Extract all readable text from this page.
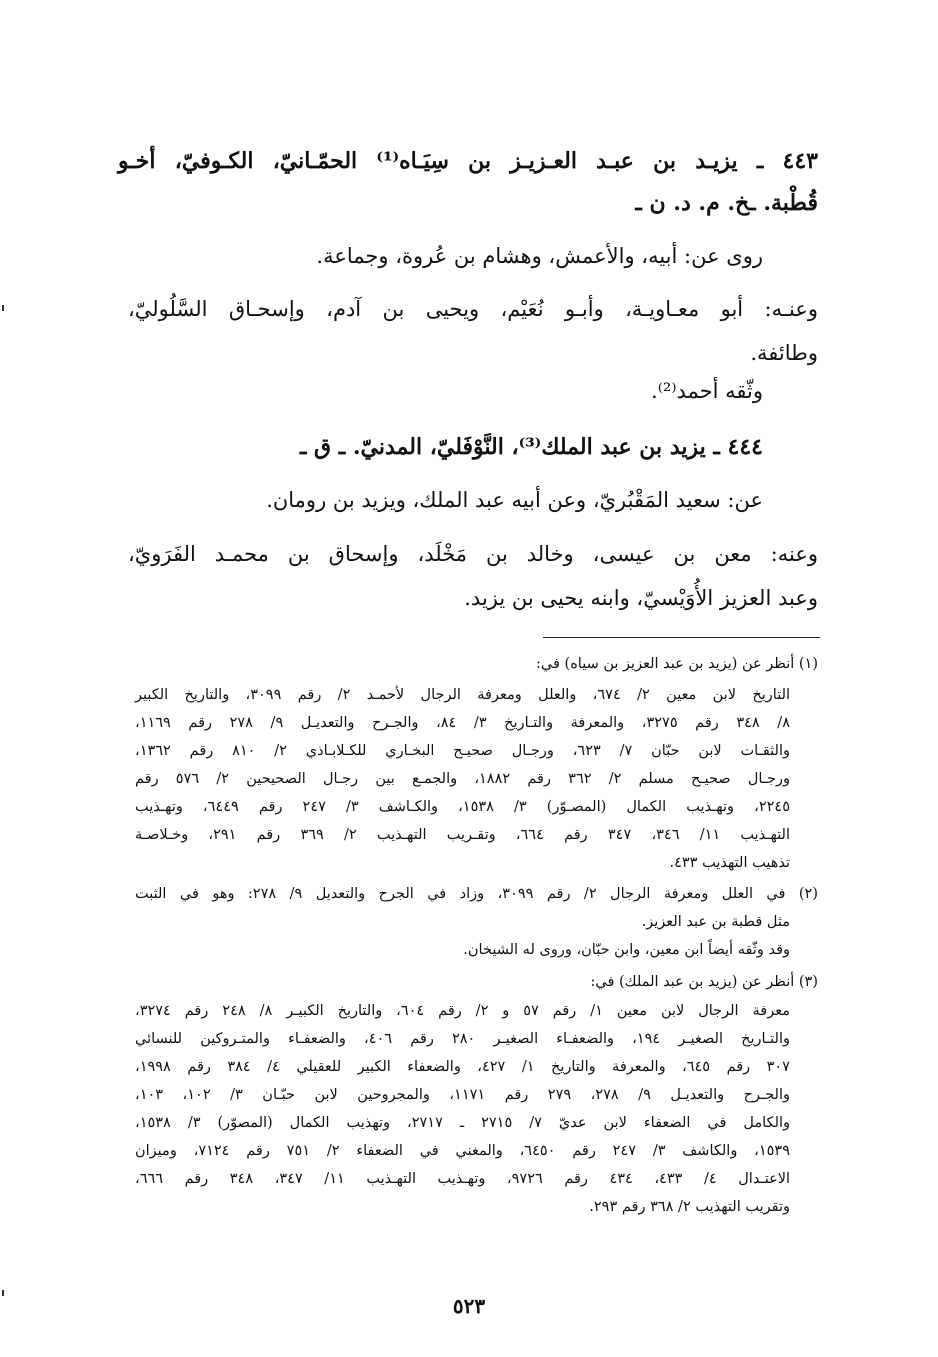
٤٤٣ ـ يزيـد بن عبـد العـزيـز بن سِيَـاه⁽¹⁾ الحمّـانيّ، الكـوفيّ، أخـو
قُطْبة. ـخ. م. د. ن ـ
روى عن: أبيه، والأعمش، وهشام بن عُروة، وجماعة.
وعنـه: أبو معـاويـة، وأبـو نُعَيْم، ويحيى بن آدم، وإسحـاق السَّلُوليّ،
وطائفة.
وثّقه أحمد⁽²⁾.
٤٤٤ ـ يزيد بن عبد الملك⁽³⁾، النَّوْفَليّ، المدنيّ. ـ ق ـ
عن: سعيد المَقْبُريّ، وعن أبيه عبد الملك، ويزيد بن رومان.
وعنه: معن بن عيسى، وخالد بن مَخْلَد، وإسحاق بن محمـد الفَرَويّ،
وعبد العزيز الأُوَيْسيّ، وابنه يحيى بن يزيد.
(١) أنظر عن (يزيد بن عبد العزيز بن سياه) في:
التاريخ لابن معين ٢/ ٦٧٤، والعلل ومعرفة الرجال لأحمـد ٢/ رقم ٣٠٩٩، والتاريخ الكبير
٨/ ٣٤٨ رقم ٣٢٧٥، والمعرفة والتـاريخ ٣/ ٨٤، والجـرح والتعديـل ٩/ ٢٧٨ رقم ١١٦٩،
والثقـات لابن حبّان ٧/ ٦٢٣، ورجـال صحيـح البخـاري للكـلابـاذي ٢/ ٨١٠ رقم ١٣٦٢،
ورجـال صحيـح مسلم ٢/ ٣٦٢ رقم ١٨٨٢، والجمـع بين رجـال الصحيحين ٢/ ٥٧٦ رقم
٢٢٤٥، وتهـذيب الكمال (المصـوّر) ٣/ ١٥٣٨، والكـاشف ٣/ ٢٤٧ رقم ٦٤٤٩، وتهـذيب
التهـذيب ١١/ ٣٤٦، ٣٤٧ رقم ٦٦٤، وتقـريب التهـذيب ٢/ ٣٦٩ رقم ٢٩١، وخـلاصـة
تذهيب التهذيب ٤٣٣.
(٢) في العلل ومعرفة الرجال ٢/ رقم ٣٠٩٩، وزاد في الجرح والتعديل ٩/ ٢٧٨: وهو في الثبت
مثل قطبة بن عبد العزيز.
وقد وثّقه أيضاً ابن معين، وابن حبّان، وروى له الشيخان.
(٣) أنظر عن (يزيد بن عبد الملك) في:
معرفة الرجال لابن معين ١/ رقم ٥٧ و ٢/ رقم ٦٠٤، والتاريخ الكبيـر ٨/ ٢٤٨ رقم ٣٢٧٤،
والتـاريخ الصغيـر ١٩٤، والضعفـاء الصغيـر ٢٨٠ رقم ٤٠٦، والضعفـاء والمتـروكين للنسائي
٣٠٧ رقم ٦٤٥، والمعرفة والتاريخ ١/ ٤٢٧، والضعفاء الكبير للعقيلي ٤/ ٣٨٤ رقم ١٩٩٨،
والجـرح والتعديـل ٩/ ٢٧٨، ٢٧٩ رقم ١١٧١، والمجروحين لابن حبّـان ٣/ ١٠٢، ١٠٣،
والكامل في الضعفاء لابن عديّ ٧/ ٢٧١٥ ـ ٢٧١٧، وتهذيب الكمال (المصوّر) ٣/ ١٥٣٨،
١٥٣٩، والكاشف ٣/ ٢٤٧ رقم ٦٤٥٠، والمغني في الضعفاء ٢/ ٧٥١ رقم ٧١٢٤، وميزان
الاعتـدال ٤/ ٤٣٣، ٤٣٤ رقم ٩٧٢٦، وتهـذيب التهـذيب ١١/ ٣٤٧، ٣٤٨ رقم ٦٦٦،
وتقريب التهذيب ٢/ ٣٦٨ رقم ٢٩٣.
٥٢٣
